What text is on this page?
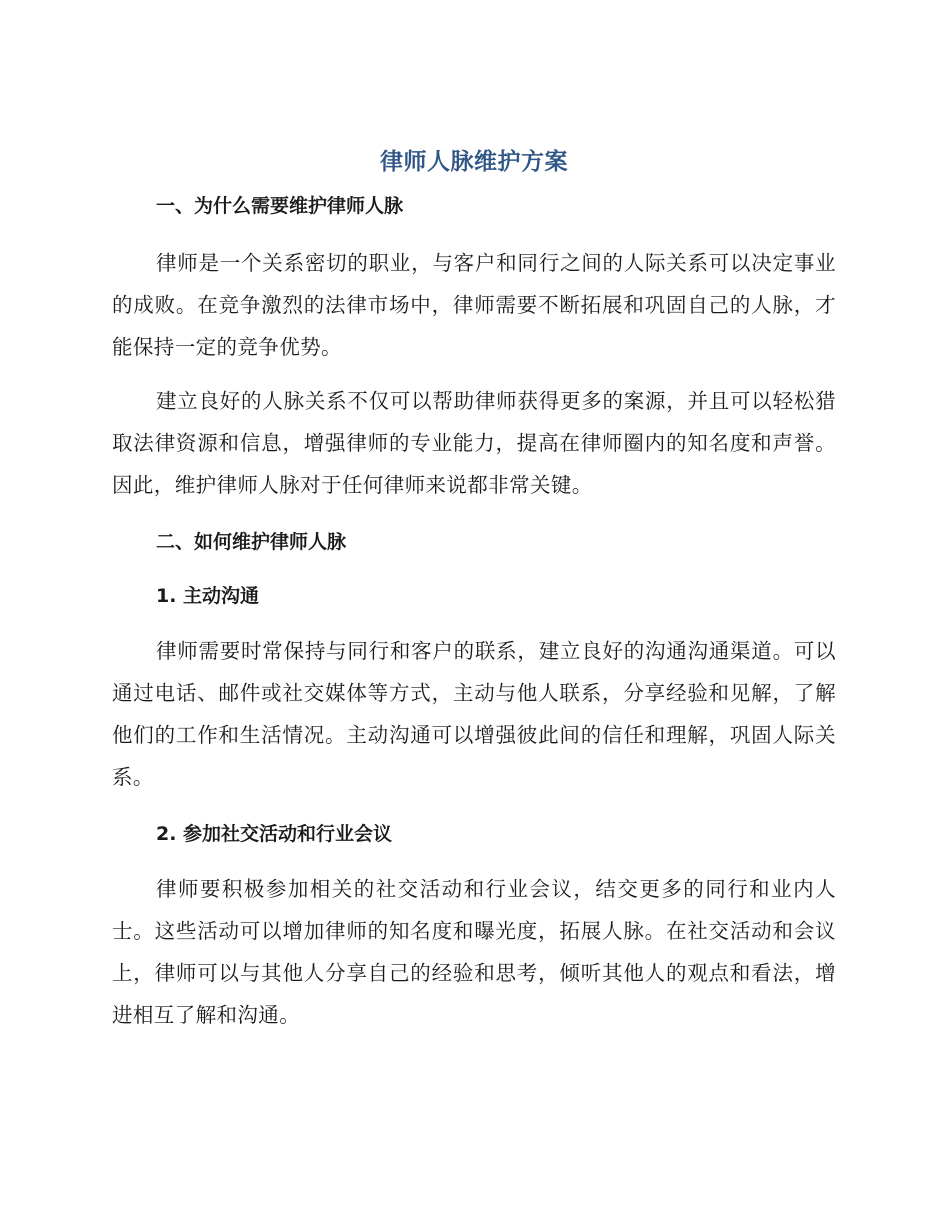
律师人脉维护方案
一、为什么需要维护律师人脉

律师是一个关系密切的职业，与客户和同行之间的人际关系可以决定事业的成败。在竞争激烈的法律市场中，律师需要不断拓展和巩固自己的人脉，才能保持一定的竞争优势。

建立良好的人脉关系不仅可以帮助律师获得更多的案源，并且可以轻松猎取法律资源和信息，增强律师的专业能力，提高在律师圈内的知名度和声誉。因此，维护律师人脉对于任何律师来说都非常关键。

二、如何维护律师人脉
1. 主动沟通

律师需要时常保持与同行和客户的联系，建立良好的沟通沟通渠道。可以通过电话、邮件或社交媒体等方式，主动与他人联系，分享经验和见解，了解他们的工作和生活情况。主动沟通可以增强彼此间的信任和理解，巩固人际关系。

2. 参加社交活动和行业会议

律师要积极参加相关的社交活动和行业会议，结交更多的同行和业内人士。这些活动可以增加律师的知名度和曝光度，拓展人脉。在社交活动和会议上，律师可以与其他人分享自己的经验和思考，倾听其他人的观点和看法，增进相互了解和沟通。
